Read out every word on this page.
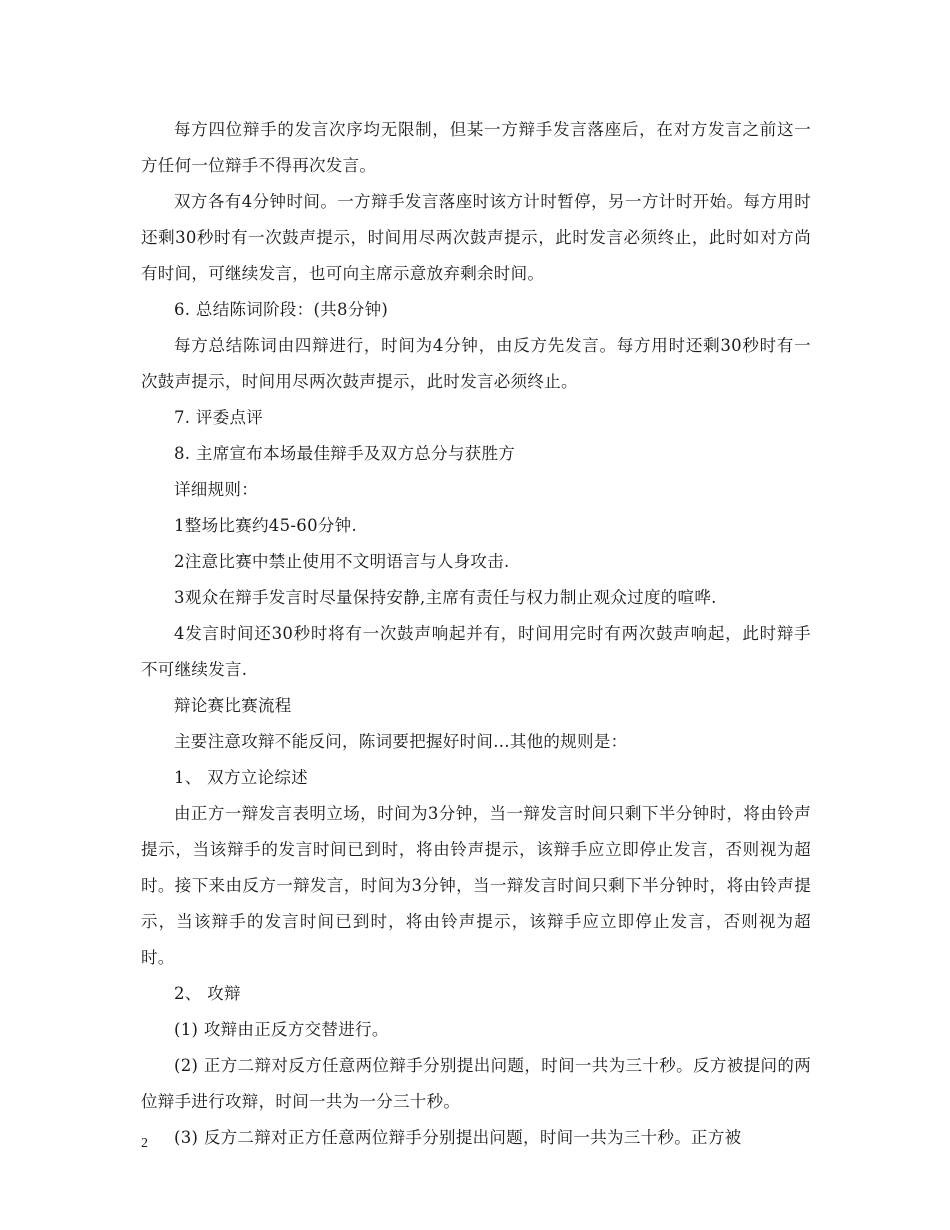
每方四位辩手的发言次序均无限制，但某一方辩手发言落座后，在对方发言之前这一方任何一位辩手不得再次发言。

双方各有4分钟时间。一方辩手发言落座时该方计时暂停，另一方计时开始。每方用时还剩30秒时有一次鼓声提示，时间用尽两次鼓声提示，此时发言必须终止，此时如对方尚有时间，可继续发言，也可向主席示意放弃剩余时间。

6. 总结陈词阶段：(共8分钟)

每方总结陈词由四辩进行，时间为4分钟，由反方先发言。每方用时还剩30秒时有一次鼓声提示，时间用尽两次鼓声提示，此时发言必须终止。

7. 评委点评

8. 主席宣布本场最佳辩手及双方总分与获胜方

详细规则：

1整场比赛约45-60分钟.

2注意比赛中禁止使用不文明语言与人身攻击.

3观众在辩手发言时尽量保持安静,主席有责任与权力制止观众过度的喧哗.

4发言时间还30秒时将有一次鼓声响起并有，时间用完时有两次鼓声响起，此时辩手不可继续发言.

辩论赛比赛流程

主要注意攻辩不能反问，陈词要把握好时间...其他的规则是：

1、 双方立论综述

由正方一辩发言表明立场，时间为3分钟，当一辩发言时间只剩下半分钟时，将由铃声提示，当该辩手的发言时间已到时，将由铃声提示，该辩手应立即停止发言，否则视为超时。接下来由反方一辩发言，时间为3分钟，当一辩发言时间只剩下半分钟时，将由铃声提示，当该辩手的发言时间已到时，将由铃声提示，该辩手应立即停止发言，否则视为超时。

2、 攻辩

(1) 攻辩由正反方交替进行。

(2) 正方二辩对反方任意两位辩手分别提出问题，时间一共为三十秒。反方被提问的两位辩手进行攻辩，时间一共为一分三十秒。

(3) 反方二辩对正方任意两位辩手分别提出问题，时间一共为三十秒。正方被

2
